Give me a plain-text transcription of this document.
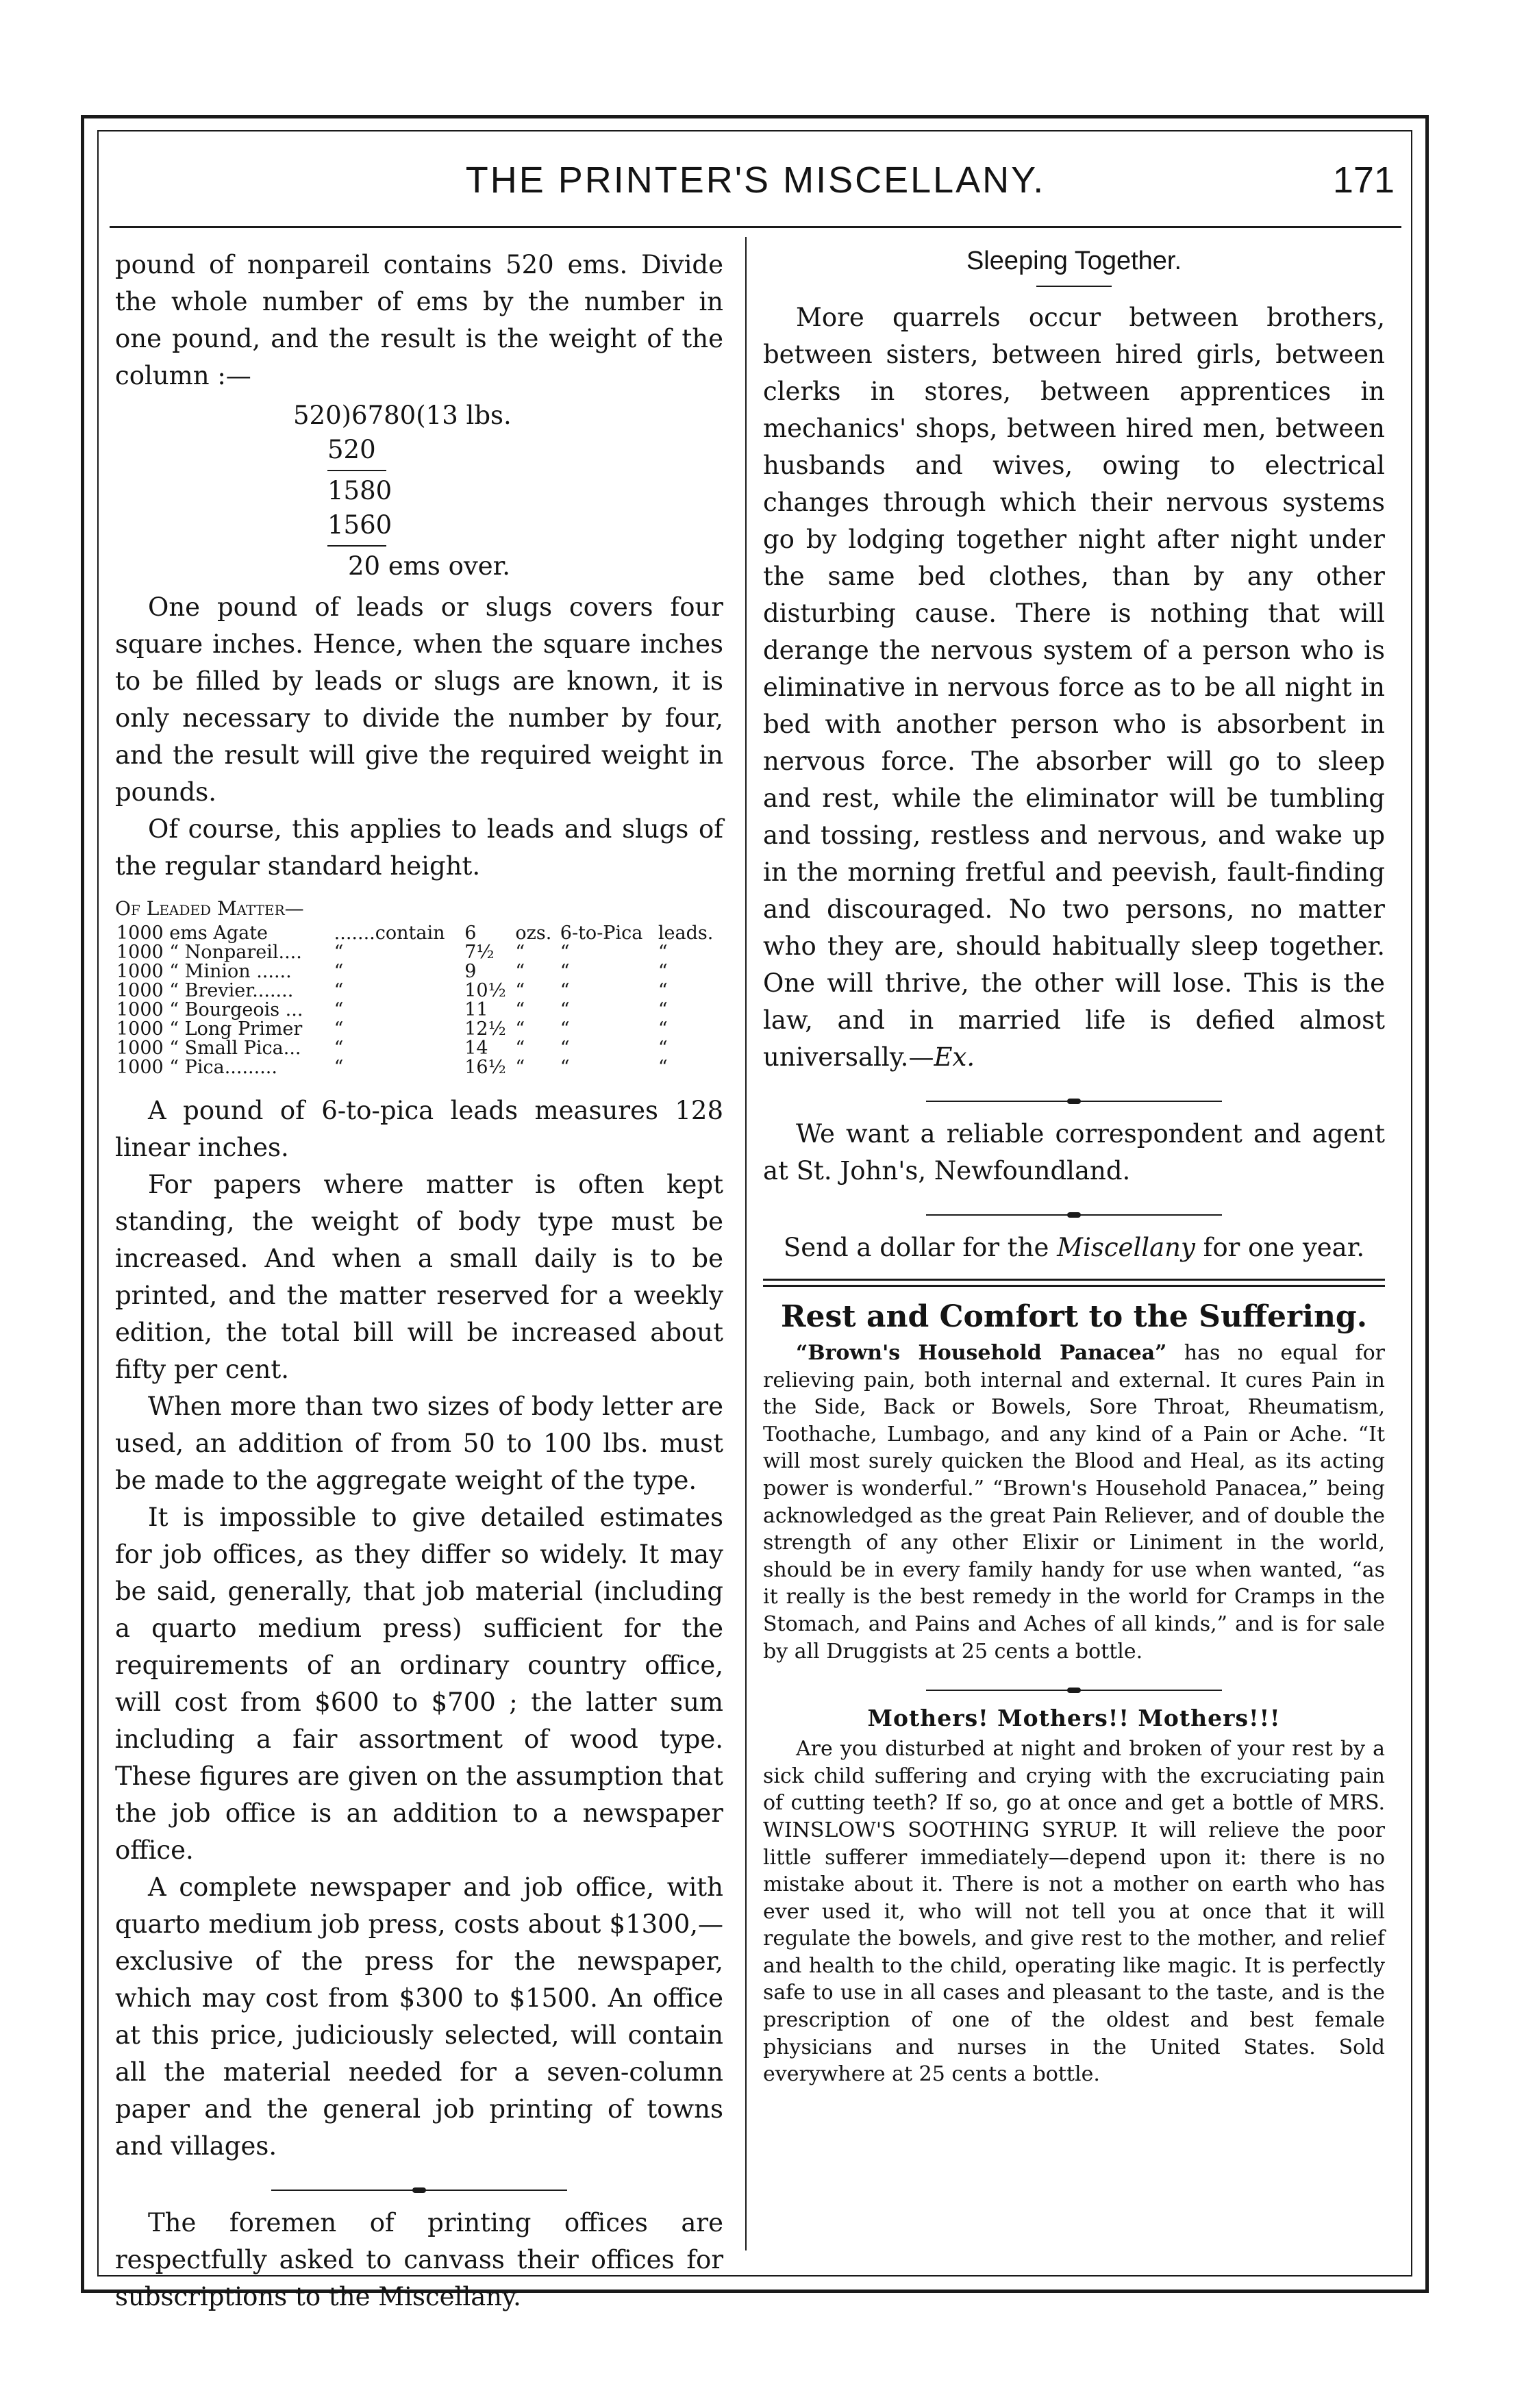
THE PRINTER'S MISCELLANY.	171

pound of nonpareil contains 520 ems. Divide the whole number of ems by the number in one pound, and the result is the weight of the column :—

520)6780(13 lbs.
520
1580
1560
20 ems over.

One pound of leads or slugs covers four square inches. Hence, when the square inches to be filled by leads or slugs are known, it is only necessary to divide the number by four, and the result will give the required weight in pounds.

Of course, this applies to leads and slugs of the regular standard height.

Of Leaded Matter—

1000 ems Agate	.......contain	6	ozs.	6-to-Pica	leads.
1000 “ Nonpareil....	“	7½	“	“	“
1000 “ Minion ......	“	9	“	“	“
1000 “ Brevier.......	“	10½	“	“	“
1000 “ Bourgeois ...	“	11	“	“	“
1000 “ Long Primer	“	12½	“	“	“
1000 “ Small Pica...	“	14	“	“	“
1000 “ Pica.........	“	16½	“	“	“

A pound of 6-to-pica leads measures 128 linear inches.

For papers where matter is often kept standing, the weight of body type must be increased. And when a small daily is to be printed, and the matter reserved for a weekly edition, the total bill will be increased about fifty per cent.

When more than two sizes of body letter are used, an addition of from 50 to 100 lbs. must be made to the aggregate weight of the type.

It is impossible to give detailed estimates for job offices, as they differ so widely. It may be said, generally, that job material (including a quarto medium press) sufficient for the requirements of an ordinary country office, will cost from $600 to $700 ; the latter sum including a fair assortment of wood type. These figures are given on the assumption that the job office is an addition to a newspaper office.

A complete newspaper and job office, with quarto medium job press, costs about $1300,— exclusive of the press for the newspaper, which may cost from $300 to $1500. An office at this price, judiciously selected, will contain all the material needed for a seven-column paper and the general job printing of towns and villages.

The foremen of printing offices are respectfully asked to canvass their offices for subscriptions to the Miscellany.

Sleeping Together.

More quarrels occur between brothers, between sisters, between hired girls, between clerks in stores, between apprentices in mechanics' shops, between hired men, between husbands and wives, owing to electrical changes through which their nervous systems go by lodging together night after night under the same bed clothes, than by any other disturbing cause. There is nothing that will derange the nervous system of a person who is eliminative in nervous force as to be all night in bed with another person who is absorbent in nervous force. The absorber will go to sleep and rest, while the eliminator will be tumbling and tossing, restless and nervous, and wake up in the morning fretful and peevish, fault-finding and discouraged. No two persons, no matter who they are, should habitually sleep together. One will thrive, the other will lose. This is the law, and in married life is defied almost universally.—Ex.

We want a reliable correspondent and agent at St. John's, Newfoundland.

Send a dollar for the Miscellany for one year.

Rest and Comfort to the Suffering.

“Brown's Household Panacea” has no equal for relieving pain, both internal and external. It cures Pain in the Side, Back or Bowels, Sore Throat, Rheumatism, Toothache, Lumbago, and any kind of a Pain or Ache. “It will most surely quicken the Blood and Heal, as its acting power is wonderful.” “Brown's Household Panacea,” being acknowledged as the great Pain Reliever, and of double the strength of any other Elixir or Liniment in the world, should be in every family handy for use when wanted, “as it really is the best remedy in the world for Cramps in the Stomach, and Pains and Aches of all kinds,” and is for sale by all Druggists at 25 cents a bottle.

Mothers! Mothers!! Mothers!!!

Are you disturbed at night and broken of your rest by a sick child suffering and crying with the excruciating pain of cutting teeth? If so, go at once and get a bottle of MRS. WINSLOW'S SOOTHING SYRUP. It will relieve the poor little sufferer immediately—depend upon it: there is no mistake about it. There is not a mother on earth who has ever used it, who will not tell you at once that it will regulate the bowels, and give rest to the mother, and relief and health to the child, operating like magic. It is perfectly safe to use in all cases and pleasant to the taste, and is the prescription of one of the oldest and best female physicians and nurses in the United States. Sold everywhere at 25 cents a bottle.
